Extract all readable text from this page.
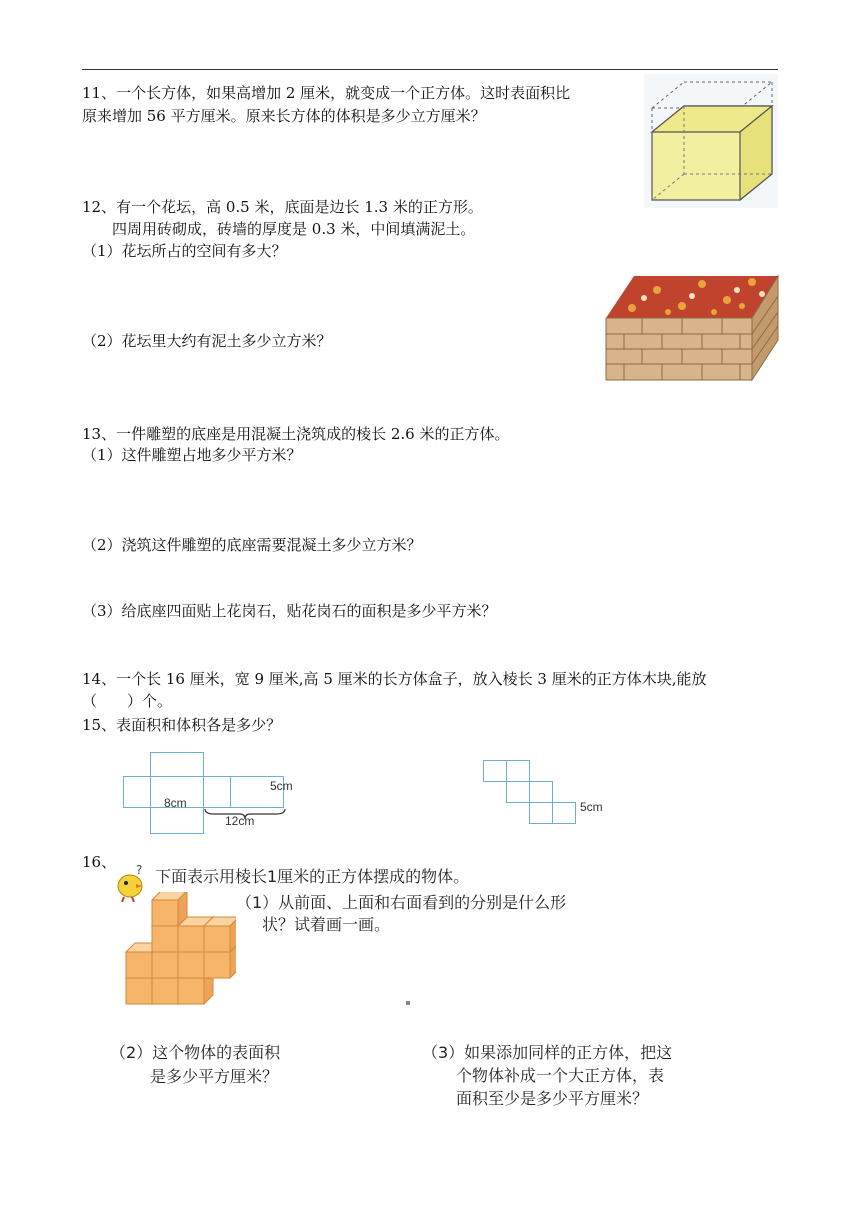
11、一个长方体，如果高增加 2 厘米，就变成一个正方体。这时表面积比
原来增加 56 平方厘米。原来长方体的体积是多少立方厘米？
12、有一个花坛，高 0.5 米，底面是边长 1.3 米的正方形。
四周用砖砌成，砖墙的厚度是 0.3 米，中间填满泥土。
（1）花坛所占的空间有多大？
（2）花坛里大约有泥土多少立方米？
13、一件雕塑的底座是用混凝土浇筑成的棱长 2.6 米的正方体。
（1）这件雕塑占地多少平方米？
（2）浇筑这件雕塑的底座需要混凝土多少立方米？
（3）给底座四面贴上花岗石，贴花岗石的面积是多少平方米？
14、一个长 16 厘米，宽 9 厘米,高 5 厘米的长方体盒子，放入棱长 3 厘米的正方体木块,能放
（　　）个。
15、表面积和体积各是多少？
8cm
5cm
12cm
5cm
16、 ? 下面表示用棱长1厘米的正方体摆成的物体。
（1）从前面、上面和右面看到的分别是什么形
状？试着画一画。
（2）这个物体的表面积
是多少平方厘米？
（3）如果添加同样的正方体，把这
个物体补成一个大正方体，表
面积至少是多少平方厘米？
